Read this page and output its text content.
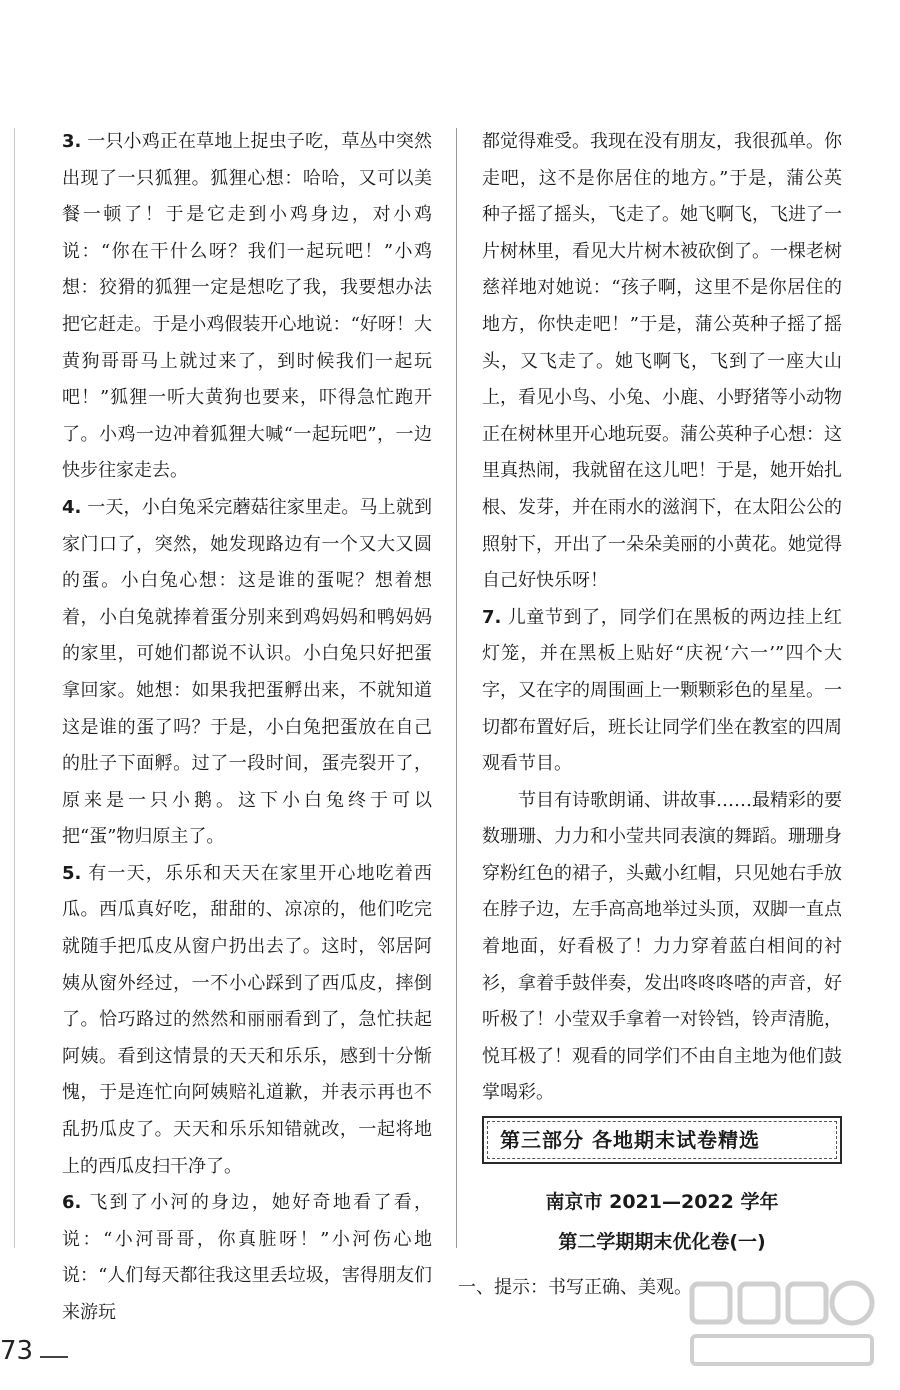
3. 一只小鸡正在草地上捉虫子吃，草丛中突然出现了一只狐狸。狐狸心想：哈哈，又可以美餐一顿了！于是它走到小鸡身边，对小鸡说：“你在干什么呀？我们一起玩吧！”小鸡想：狡猾的狐狸一定是想吃了我，我要想办法把它赶走。于是小鸡假装开心地说：“好呀！大黄狗哥哥马上就过来了，到时候我们一起玩吧！”狐狸一听大黄狗也要来，吓得急忙跑开了。小鸡一边冲着狐狸大喊“一起玩吧”，一边快步往家走去。

4. 一天，小白兔采完蘑菇往家里走。马上就到家门口了，突然，她发现路边有一个又大又圆的蛋。小白兔心想：这是谁的蛋呢？想着想着，小白兔就捧着蛋分别来到鸡妈妈和鸭妈妈的家里，可她们都说不认识。小白兔只好把蛋拿回家。她想：如果我把蛋孵出来，不就知道这是谁的蛋了吗？于是，小白兔把蛋放在自己的肚子下面孵。过了一段时间，蛋壳裂开了，原来是一只小鹅。这下小白兔终于可以把“蛋”物归原主了。

5. 有一天，乐乐和天天在家里开心地吃着西瓜。西瓜真好吃，甜甜的、凉凉的，他们吃完就随手把瓜皮从窗户扔出去了。这时，邻居阿姨从窗外经过，一不小心踩到了西瓜皮，摔倒了。恰巧路过的然然和丽丽看到了，急忙扶起阿姨。看到这情景的天天和乐乐，感到十分惭愧，于是连忙向阿姨赔礼道歉，并表示再也不乱扔瓜皮了。天天和乐乐知错就改，一起将地上的西瓜皮扫干净了。

6. 飞到了小河的身边，她好奇地看了看，说：“小河哥哥，你真脏呀！”小河伤心地说：“人们每天都往我这里丢垃圾，害得朋友们来游玩

都觉得难受。我现在没有朋友，我很孤单。你走吧，这不是你居住的地方。”于是，蒲公英种子摇了摇头，飞走了。她飞啊飞，飞进了一片树林里，看见大片树木被砍倒了。一棵老树慈祥地对她说：“孩子啊，这里不是你居住的地方，你快走吧！”于是，蒲公英种子摇了摇头，又飞走了。她飞啊飞，飞到了一座大山上，看见小鸟、小兔、小鹿、小野猪等小动物正在树林里开心地玩耍。蒲公英种子心想：这里真热闹，我就留在这儿吧！于是，她开始扎根、发芽，并在雨水的滋润下，在太阳公公的照射下，开出了一朵朵美丽的小黄花。她觉得自己好快乐呀！

7. 儿童节到了，同学们在黑板的两边挂上红灯笼，并在黑板上贴好“庆祝‘六一’”四个大字，又在字的周围画上一颗颗彩色的星星。一切都布置好后，班长让同学们坐在教室的四周观看节目。

节目有诗歌朗诵、讲故事……最精彩的要数珊珊、力力和小莹共同表演的舞蹈。珊珊身穿粉红色的裙子，头戴小红帽，只见她右手放在脖子边，左手高高地举过头顶，双脚一直点着地面，好看极了！力力穿着蓝白相间的衬衫，拿着手鼓伴奏，发出咚咚咚嗒的声音，好听极了！小莹双手拿着一对铃铛，铃声清脆，悦耳极了！观看的同学们不由自主地为他们鼓掌喝彩。

第三部分 各地期末试卷精选
南京市 2021—2022 学年
第二学期期末优化卷(一)

一、提示：书写正确、美观。

73
